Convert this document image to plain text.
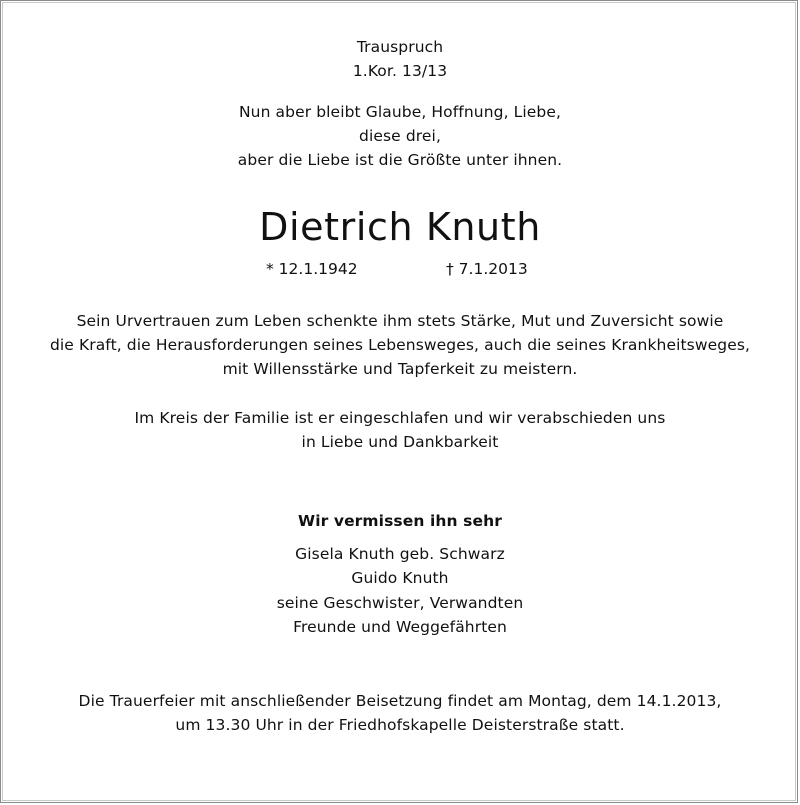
Trauspruch
1.Kor. 13/13
Nun aber bleibt Glaube, Hoffnung, Liebe,
diese drei,
aber die Liebe ist die Größte unter ihnen.
Dietrich Knuth
* 12.1.1942	† 7.1.2013
Sein Urvertrauen zum Leben schenkte ihm stets Stärke, Mut und Zuversicht sowie
die Kraft, die Herausforderungen seines Lebensweges, auch die seines Krankheitsweges,
mit Willensstärke und Tapferkeit zu meistern.
Im Kreis der Familie ist er eingeschlafen und wir verabschieden uns
in Liebe und Dankbarkeit
Wir vermissen ihn sehr
Gisela Knuth geb. Schwarz
Guido Knuth
seine Geschwister, Verwandten
Freunde und Weggefährten
Die Trauerfeier mit anschließender Beisetzung findet am Montag, dem 14.1.2013,
um 13.30 Uhr in der Friedhofskapelle Deisterstraße statt.
